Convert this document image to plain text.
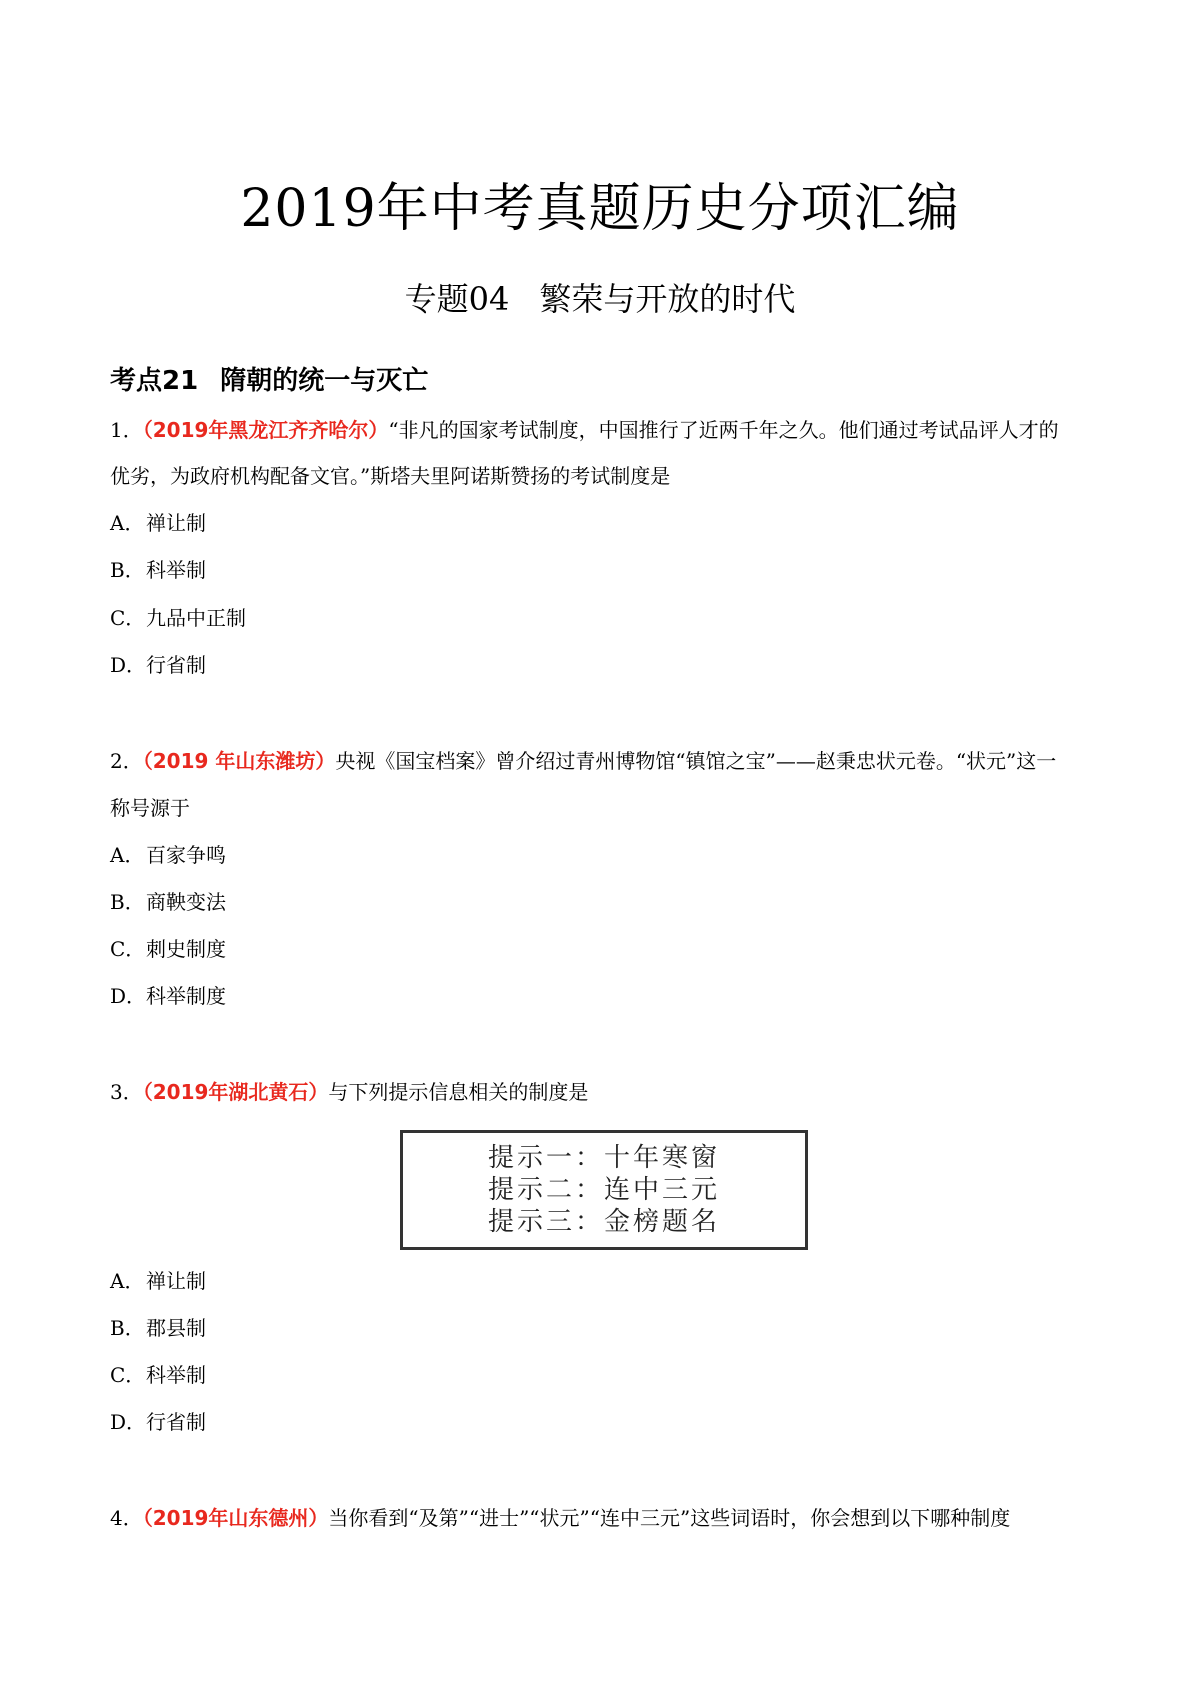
2019年中考真题历史分项汇编
专题04 繁荣与开放的时代
考点21 隋朝的统一与灭亡
1．（2019年黑龙江齐齐哈尔）“非凡的国家考试制度，中国推行了近两千年之久。他们通过考试品评人才的
优劣，为政府机构配备文官。”斯塔夫里阿诺斯赞扬的考试制度是
A．禅让制
B．科举制
C．九品中正制
D．行省制
2．（2019 年山东潍坊）央视《国宝档案》曾介绍过青州博物馆“镇馆之宝”——赵秉忠状元卷。“状元”这一
称号源于
A．百家争鸣
B．商鞅变法
C．刺史制度
D．科举制度
3．（2019年湖北黄石）与下列提示信息相关的制度是
提示一：十年寒窗
提示二：连中三元
提示三：金榜题名
A．禅让制
B．郡县制
C．科举制
D．行省制
4．（2019年山东德州）当你看到“及第”“进士”“状元”“连中三元”这些词语时，你会想到以下哪种制度
